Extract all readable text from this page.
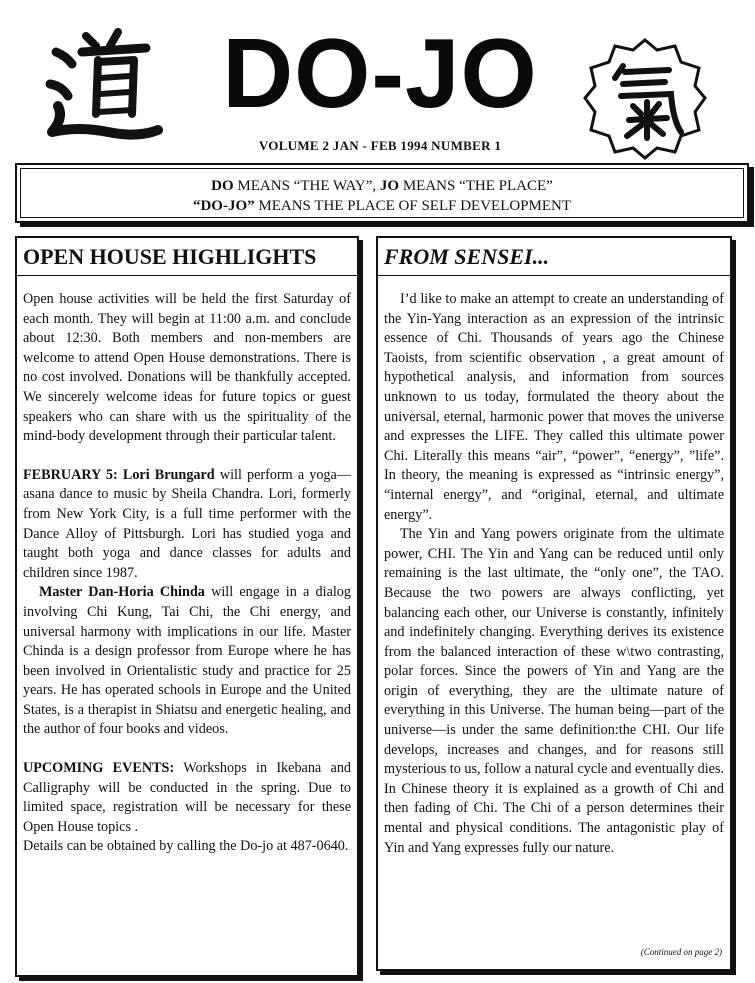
DO-JO
VOLUME 2 JAN - FEB 1994 NUMBER 1
DO MEANS “THE WAY”, JO MEANS “THE PLACE”
“DO-JO” MEANS THE PLACE OF SELF DEVELOPMENT
OPEN HOUSE HIGHLIGHTS

Open house activities will be held the first Saturday of each month. They will begin at 11:00 a.m. and conclude about 12:30. Both members and non-members are welcome to attend Open House demonstrations. There is no cost involved. Donations will be thankfully accepted. We sincerely welcome ideas for future topics or guest speakers who can share with us the spirituality of the mind-body development through their particular talent.

FEBRUARY 5: Lori Brungard will perform a yoga—asana dance to music by Sheila Chandra. Lori, formerly from New York City, is a full time performer with the Dance Alloy of Pittsburgh. Lori has studied yoga and taught both yoga and dance classes for adults and children since 1987.

Master Dan-Horia Chinda will engage in a dialog involving Chi Kung, Tai Chi, the Chi energy, and universal harmony with implications in our life. Master Chinda is a design professor from Europe where he has been involved in Orientalistic study and practice for 25 years. He has operated schools in Europe and the United States, is a therapist in Shiatsu and energetic healing, and the author of four books and videos.

UPCOMING EVENTS: Workshops in Ikebana and Calligraphy will be conducted in the spring. Due to limited space, registration will be necessary for these Open House topics .

Details can be obtained by calling the Do-jo at 487-0640.

FROM SENSEI...

I’d like to make an attempt to create an understanding of the Yin-Yang interaction as an expression of the intrinsic essence of Chi. Thousands of years ago the Chinese Taoists, from scientific observation , a great amount of hypothetical analysis, and information from sources unknown to us today, formulated the theory about the universal, eternal, harmonic power that moves the universe and expresses the LIFE. They called this ultimate power Chi. Literally this means “air”, “power”, “energy”, ”life”. In theory, the meaning is expressed as “intrinsic energy”, “internal energy”, and “original, eternal, and ultimate energy”.

The Yin and Yang powers originate from the ultimate power, CHI. The Yin and Yang can be reduced until only remaining is the last ultimate, the “only one”, the TAO. Because the two powers are always conflicting, yet balancing each other, our Universe is constantly, infinitely and indefinitely changing. Everything derives its existence from the balanced interaction of these w\two contrasting, polar forces. Since the powers of Yin and Yang are the origin of everything, they are the ultimate nature of everything in this Universe. The human being—part of the universe—is under the same definition:the CHI. Our life develops, increases and changes, and for reasons still mysterious to us, follow a natural cycle and eventually dies. In Chinese theory it is explained as a growth of Chi and then fading of Chi. The Chi of a person determines their mental and physical conditions. The antagonistic play of Yin and Yang expresses fully our nature.

(Continued on page 2)
